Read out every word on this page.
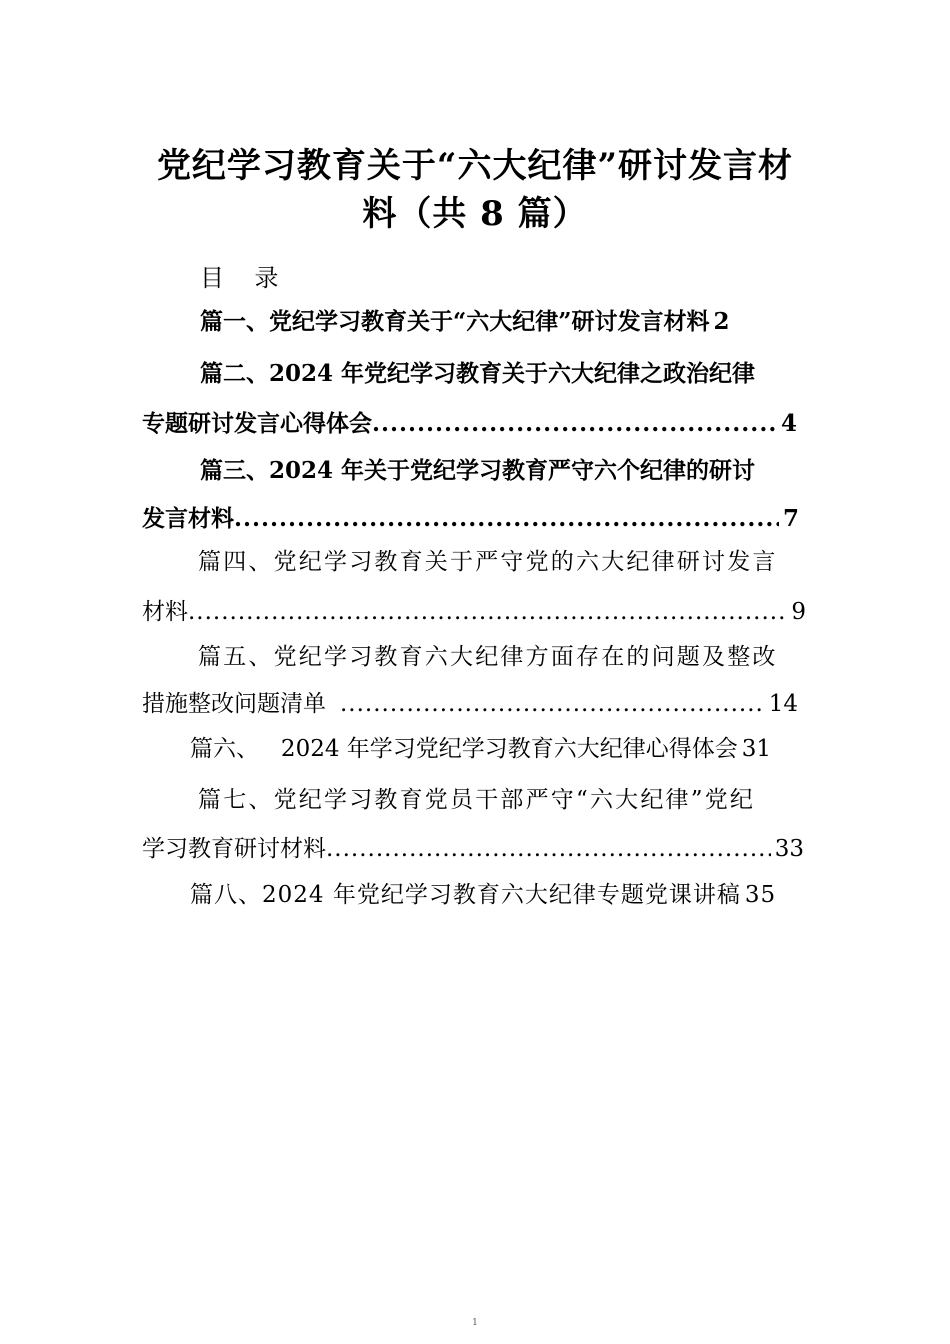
党纪学习教育关于“六大纪律”研讨发言材
料（共 8 篇）
目    录
篇一、党纪学习教育关于“六大纪律”研讨发言材料 2
篇二、2024 年党纪学习教育关于六大纪律之政治纪律
专题研讨发言心得体会 .....	4
篇三、2024 年关于党纪学习教育严守六个纪律的研讨
发言材料 .....	7
篇四、党纪学习教育关于严守党的六大纪律研讨发言
材料 .....	9
篇五、党纪学习教育六大纪律方面存在的问题及整改
措施整改问题清单 .....	14
篇六、   2024 年学习党纪学习教育六大纪律心得体会 31
篇七、党纪学习教育党员干部严守“六大纪律”党纪
学习教育研讨材料 .....	33
篇八、2024 年党纪学习教育六大纪律专题党课讲稿 35
1
